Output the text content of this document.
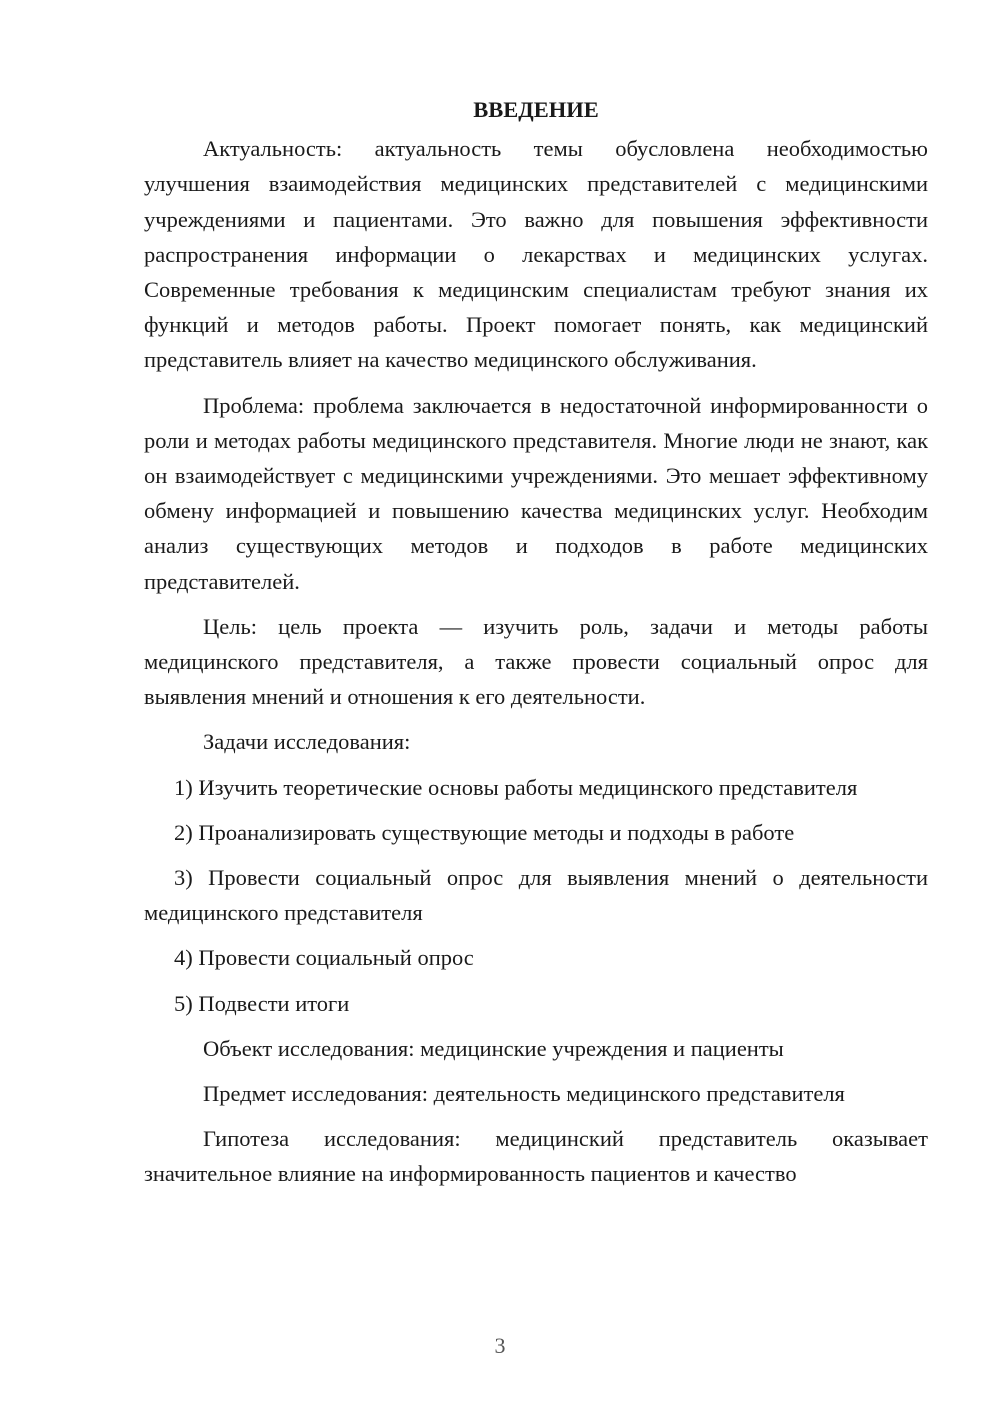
ВВЕДЕНИЕ

Актуальность: актуальность темы обусловлена необходимостью улучшения взаимодействия медицинских представителей с медицинскими учреждениями и пациентами. Это важно для повышения эффективности распространения информации о лекарствах и медицинских услугах. Современные требования к медицинским специалистам требуют знания их функций и методов работы. Проект помогает понять, как медицинский представитель влияет на качество медицинского обслуживания.

Проблема: проблема заключается в недостаточной информированности о роли и методах работы медицинского представителя. Многие люди не знают, как он взаимодействует с медицинскими учреждениями. Это мешает эффективному обмену информацией и повышению качества медицинских услуг. Необходим анализ существующих методов и подходов в работе медицинских представителей.

Цель: цель проекта — изучить роль, задачи и методы работы медицинского представителя, а также провести социальный опрос для выявления мнений и отношения к его деятельности.

Задачи исследования:

1) Изучить теоретические основы работы медицинского представителя

2) Проанализировать существующие методы и подходы в работе

3) Провести социальный опрос для выявления мнений о деятельности медицинского представителя

4) Провести социальный опрос

5) Подвести итоги

Объект исследования: медицинские учреждения и пациенты

Предмет исследования: деятельность медицинского представителя

Гипотеза исследования: медицинский представитель оказывает значительное влияние на информированность пациентов и качество

3
